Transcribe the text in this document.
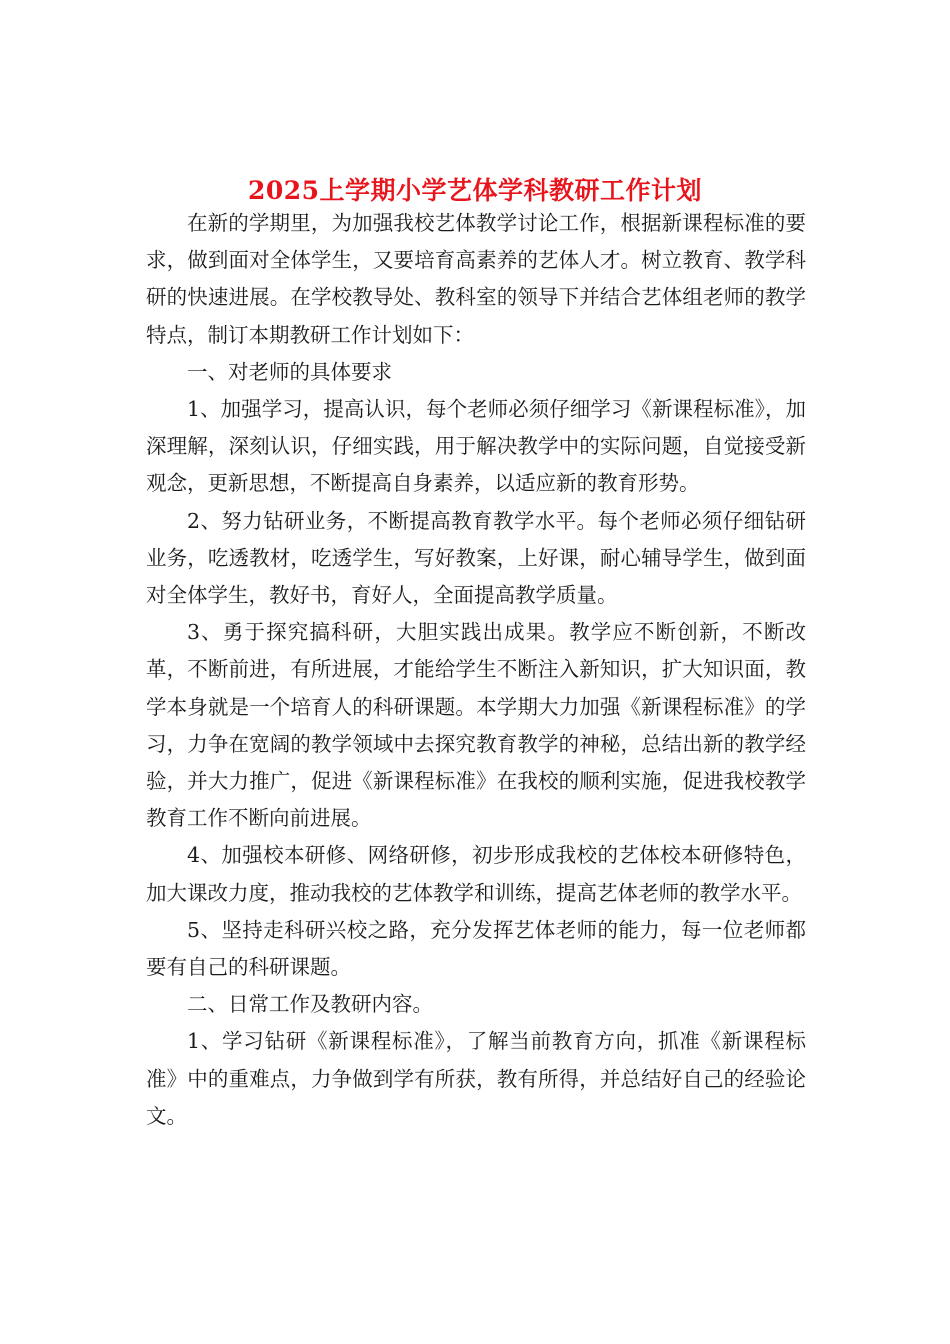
2025上学期小学艺体学科教研工作计划

在新的学期里，为加强我校艺体教学讨论工作，根据新课程标准的要求，做到面对全体学生，又要培育高素养的艺体人才。树立教育、教学科研的快速进展。在学校教导处、教科室的领导下并结合艺体组老师的教学特点，制订本期教研工作计划如下：

一、对老师的具体要求

1、加强学习，提高认识，每个老师必须仔细学习《新课程标准》，加深理解，深刻认识，仔细实践，用于解决教学中的实际问题，自觉接受新观念，更新思想，不断提高自身素养，以适应新的教育形势。

2、努力钻研业务，不断提高教育教学水平。每个老师必须仔细钻研业务，吃透教材，吃透学生，写好教案，上好课，耐心辅导学生，做到面对全体学生，教好书，育好人，全面提高教学质量。

3、勇于探究搞科研，大胆实践出成果。教学应不断创新，不断改革，不断前进，有所进展，才能给学生不断注入新知识，扩大知识面，教学本身就是一个培育人的科研课题。本学期大力加强《新课程标准》的学习，力争在宽阔的教学领域中去探究教育教学的神秘，总结出新的教学经验，并大力推广，促进《新课程标准》在我校的顺利实施，促进我校教学教育工作不断向前进展。

4、加强校本研修、网络研修，初步形成我校的艺体校本研修特色，加大课改力度，推动我校的艺体教学和训练，提高艺体老师的教学水平。

5、坚持走科研兴校之路，充分发挥艺体老师的能力，每一位老师都要有自己的科研课题。

二、日常工作及教研内容。

1、学习钻研《新课程标准》，了解当前教育方向，抓准《新课程标准》中的重难点，力争做到学有所获，教有所得，并总结好自己的经验论文。
